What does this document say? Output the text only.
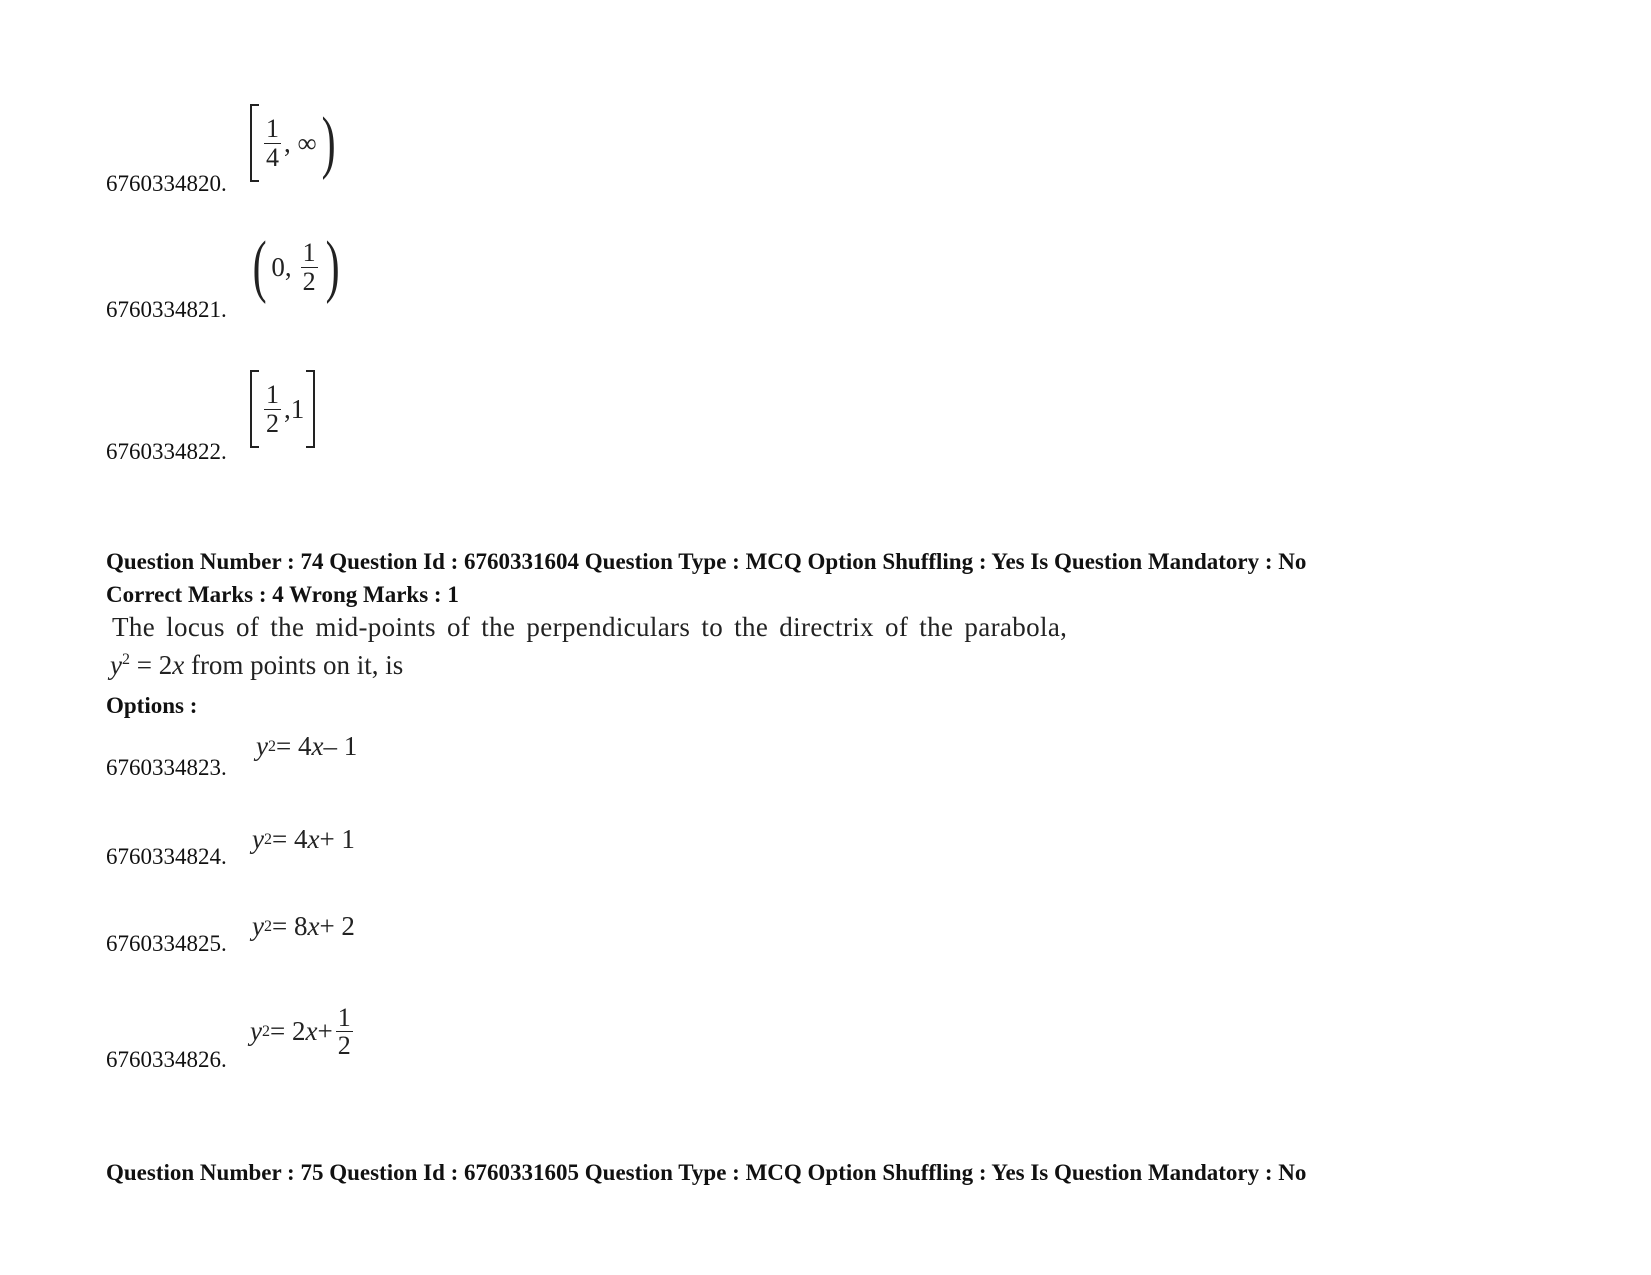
6760334820.
$\frac{1}{4}$ , ∞ )
6760334821.
( 0, $\frac{1}{2}$ )
6760334822.
$\frac{1}{2} ,1$
Question Number : 74 Question Id : 6760331604 Question Type : MCQ Option Shuffling : Yes Is Question Mandatory : No
Correct Marks : 4 Wrong Marks : 1
The locus of the mid-points of the perpendiculars to the directrix of the parabola,
$y^2 = 2x$ from points on it, is
Options :
6760334823.
y 2 = 4 x – 1
6760334824.
y 2 = 4 x + 1
6760334825.
y 2 = 8 x + 2
6760334826.
y 2 = 2 $x + \frac{1}{2}$
Question Number : 75 Question Id : 6760331605 Question Type : MCQ Option Shuffling : Yes Is Question Mandatory : No
